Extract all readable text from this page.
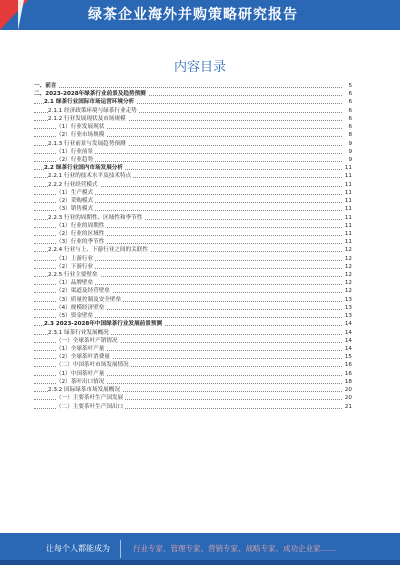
绿茶企业海外并购策略研究报告
内容目录
一、前言	5
二、2023-2028年绿茶行业前景及趋势预测	6
2.1 绿茶行业国际市场运营环境分析	6
2.1.1 经济政策环境与绿茶行业走势	6
2.1.2 行业发展现状及市场规模	6
（1）行业发展现状	6
（2）行业市场规模	8
2.1.3 行业前景与发展趋势预测	9
（1）行业前景	9
（2）行业趋势	9
2.2 绿茶行业国内市场发展分析	11
2.2.1 行业的技术水平及技术特点	11
2.2.2 行业经营模式	11
（1）生产模式	11
（2）采购模式	11
（3）销售模式	11
2.2.3 行业的周期性、区域性和季节性	11
（1）行业的周期性	11
（2）行业的区域性	11
（3）行业的季节性	11
2.2.4 行业与上、下游行业之间的关联性	12
（1）上游行业	12
（2）下游行业	12
2.2.5 行业主要壁垒	12
（1）品牌壁垒	12
（2）渠道及经营壁垒	12
（3）质量控制及安全壁垒	13
（4）规模经济壁垒	13
（5）资金壁垒	13
2.3 2023-2028年中国绿茶行业发展前景预测	14
2.3.1 绿茶行业发展概况	14
（一）全球茶叶产销情况	14
（1）全球茶叶产量	14
（2）全球茶叶消费量	15
（二）中国茶叶市场发展情况	16
（1）中国茶叶产量	16
（2）茶叶出口情况	18
2.3.2 国际绿茶市场发展概况	20
（一）主要茶叶生产国发展	20
（二）主要茶叶生产国出口	21
让每个人都能成为	行业专家、管理专家、营销专家、战略专家、成功企业家……
